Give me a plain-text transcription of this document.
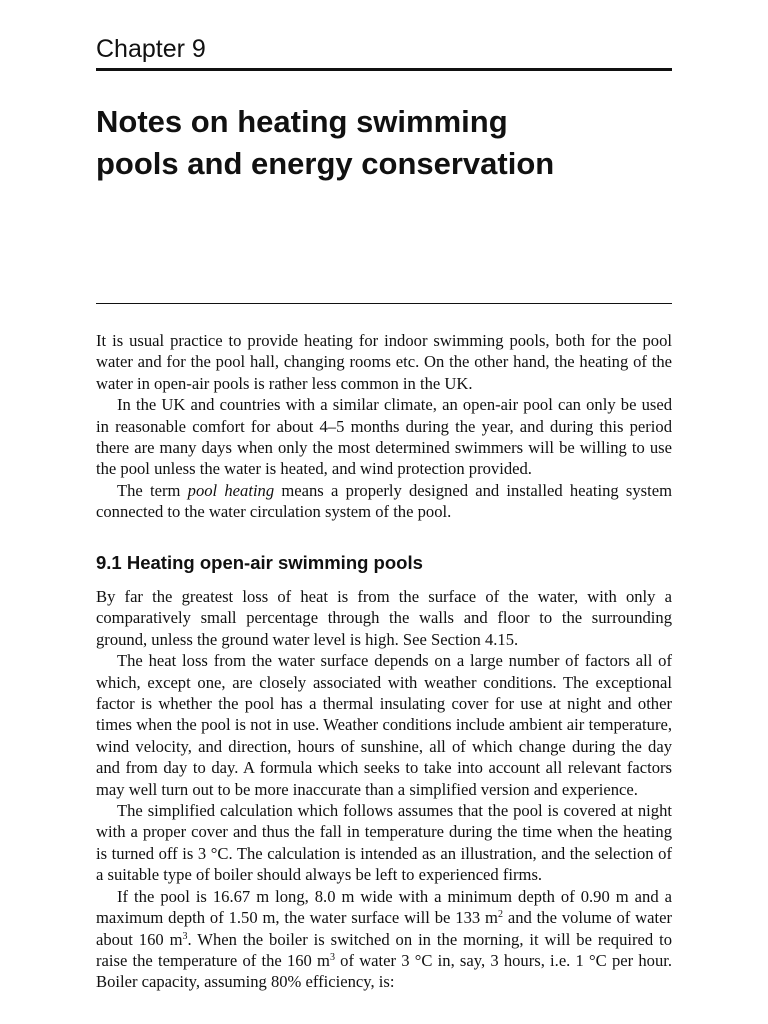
Chapter 9
Notes on heating swimming
pools and energy conservation

It is usual practice to provide heating for indoor swimming pools, both for the pool water and for the pool hall, changing rooms etc. On the other hand, the heating of the water in open-air pools is rather less common in the UK.

In the UK and countries with a similar climate, an open-air pool can only be used in reasonable comfort for about 4–5 months during the year, and during this period there are many days when only the most determined swimmers will be willing to use the pool unless the water is heated, and wind protection provided.

The term pool heating means a properly designed and installed heating system connected to the water circulation system of the pool.

9.1 Heating open-air swimming pools

By far the greatest loss of heat is from the surface of the water, with only a comparatively small percentage through the walls and floor to the surrounding ground, unless the ground water level is high. See Section 4.15.

The heat loss from the water surface depends on a large number of factors all of which, except one, are closely associated with weather conditions. The exceptional factor is whether the pool has a thermal insulating cover for use at night and other times when the pool is not in use. Weather conditions include ambient air temperature, wind velocity, and direction, hours of sunshine, all of which change during the day and from day to day. A formula which seeks to take into account all relevant factors may well turn out to be more inaccurate than a simplified version and experience.

The simplified calculation which follows assumes that the pool is covered at night with a proper cover and thus the fall in temperature during the time when the heating is turned off is 3 °C. The calculation is intended as an illustration, and the selection of a suitable type of boiler should always be left to experienced firms.

If the pool is 16.67 m long, 8.0 m wide with a minimum depth of 0.90 m and a maximum depth of 1.50 m, the water surface will be 133 $m^2$ and the volume of water about 160 $m^3$. When the boiler is switched on in the morning, it will be required to raise the temperature of the 160 $m^3$ of water 3 °C in, say, 3 hours, i.e. 1 °C per hour. Boiler capacity, assuming 80% efficiency, is:
